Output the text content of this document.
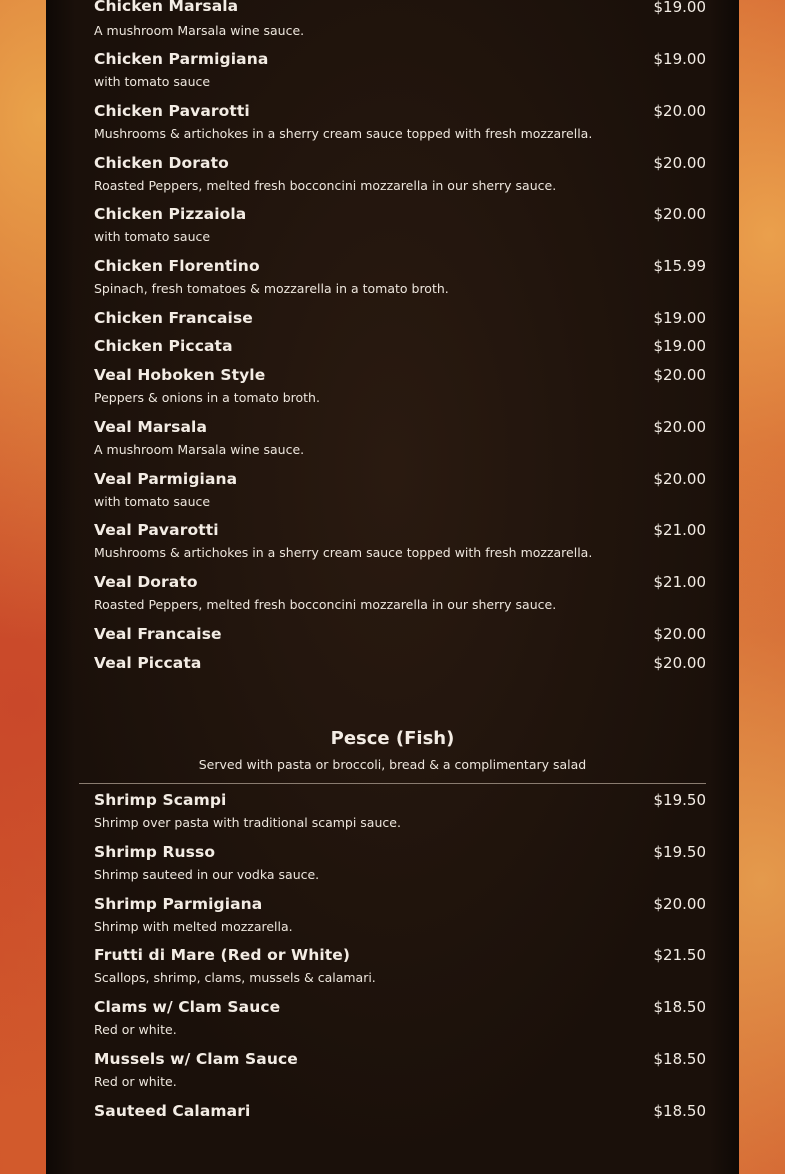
Chicken Marsala	$19.00
A mushroom Marsala wine sauce.
Chicken Parmigiana	$19.00
with tomato sauce
Chicken Pavarotti	$20.00
Mushrooms & artichokes in a sherry cream sauce topped with fresh mozzarella.
Chicken Dorato	$20.00
Roasted Peppers, melted fresh bocconcini mozzarella in our sherry sauce.
Chicken Pizzaiola	$20.00
with tomato sauce
Chicken Florentino	$15.99
Spinach, fresh tomatoes & mozzarella in a tomato broth.
Chicken Francaise	$19.00
Chicken Piccata	$19.00
Veal Hoboken Style	$20.00
Peppers & onions in a tomato broth.
Veal Marsala	$20.00
A mushroom Marsala wine sauce.
Veal Parmigiana	$20.00
with tomato sauce
Veal Pavarotti	$21.00
Mushrooms & artichokes in a sherry cream sauce topped with fresh mozzarella.
Veal Dorato	$21.00
Roasted Peppers, melted fresh bocconcini mozzarella in our sherry sauce.
Veal Francaise	$20.00
Veal Piccata	$20.00
Pesce (Fish)
Served with pasta or broccoli, bread & a complimentary salad
Shrimp Scampi	$19.50
Shrimp over pasta with traditional scampi sauce.
Shrimp Russo	$19.50
Shrimp sauteed in our vodka sauce.
Shrimp Parmigiana	$20.00
Shrimp with melted mozzarella.
Frutti di Mare (Red or White)	$21.50
Scallops, shrimp, clams, mussels & calamari.
Clams w/ Clam Sauce	$18.50
Red or white.
Mussels w/ Clam Sauce	$18.50
Red or white.
Sauteed Calamari	$18.50
